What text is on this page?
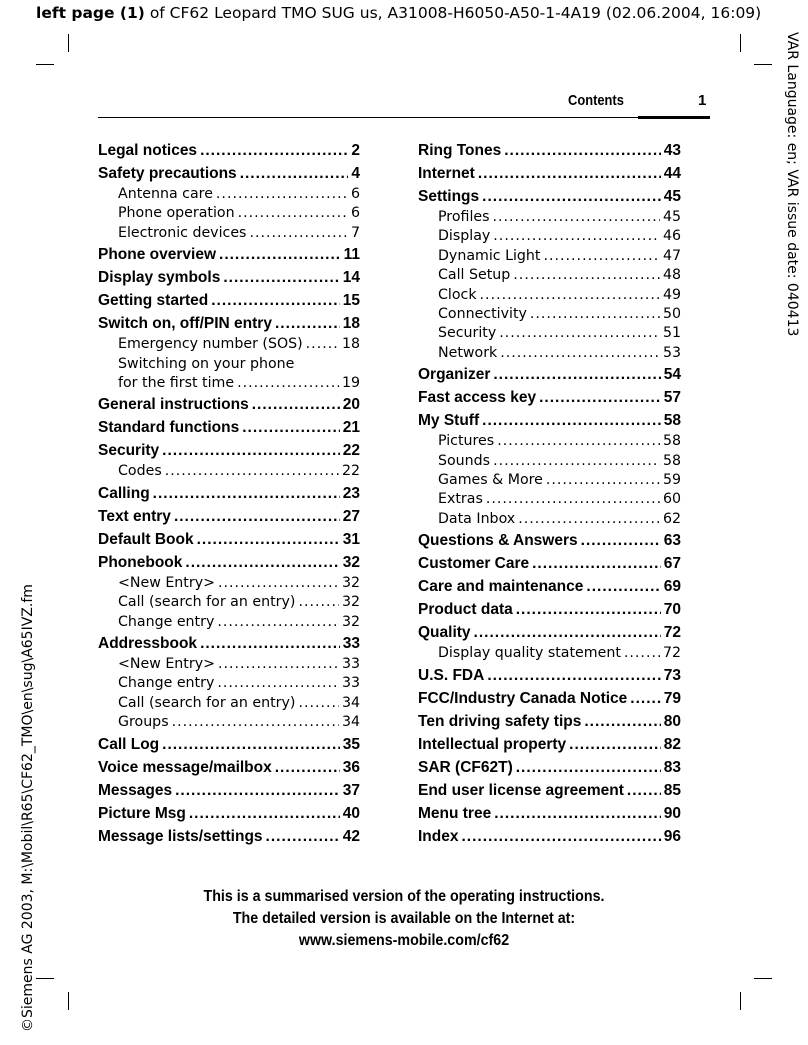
left page (1) of CF62 Leopard TMO SUG us, A31008-H6050-A50-1-4A19 (02.06.2004, 16:09)
VAR Language: en; VAR issue date: 040413
©Siemens AG 2003, M:\Mobil\R65\CF62_TMO\en\sug\A65IVZ.fm
Contents	1
Legal notices .....	2
Safety precautions .....	4
Antenna care .....	6
Phone operation .....	6
Electronic devices .....	7
Phone overview .....	11
Display symbols .....	14
Getting started .....	15
Switch on, off/PIN entry .....	18
Emergency number (SOS) .....	18
Switching on your phone
for the first time .....	19
General instructions .....	20
Standard functions .....	21
Security .....	22
Codes .....	22
Calling .....	23
Text entry .....	27
Default Book .....	31
Phonebook .....	32
<New Entry> .....	32
Call (search for an entry) .....	32
Change entry .....	32
Addressbook .....	33
<New Entry> .....	33
Change entry .....	33
Call (search for an entry) .....	34
Groups .....	34
Call Log .....	35
Voice message/mailbox .....	36
Messages .....	37
Picture Msg .....	40
Message lists/settings .....	42
Ring Tones .....	43
Internet .....	44
Settings .....	45
Profiles .....	45
Display .....	46
Dynamic Light .....	47
Call Setup .....	48
Clock .....	49
Connectivity .....	50
Security .....	51
Network .....	53
Organizer .....	54
Fast access key .....	57
My Stuff .....	58
Pictures .....	58
Sounds .....	58
Games & More .....	59
Extras .....	60
Data Inbox .....	62
Questions & Answers .....	63
Customer Care .....	67
Care and maintenance .....	69
Product data .....	70
Quality .....	72
Display quality statement .....	72
U.S. FDA .....	73
FCC/Industry Canada Notice ..... 79
Ten driving safety tips .....	80
Intellectual property .....	82
SAR (CF62T) .....	83
End user license agreement .....	85
Menu tree .....	90
Index .....	96
This is a summarised version of the operating instructions.
The detailed version is available on the Internet at:
www.siemens-mobile.com/cf62
